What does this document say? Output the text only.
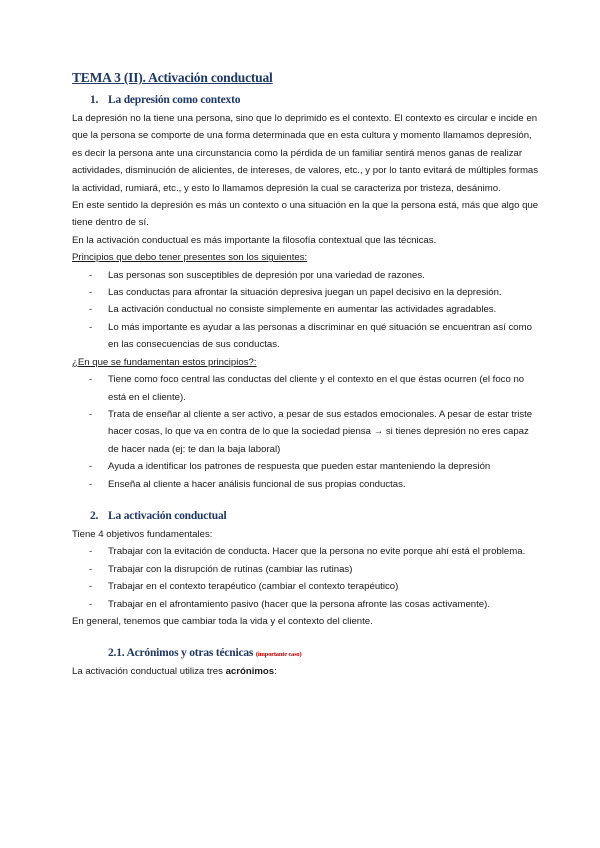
TEMA 3 (II). Activación conductual
1. La depresión como contexto

La depresión no la tiene una persona, sino que lo deprimido es el contexto. El contexto es circular e incide en que la persona se comporte de una forma determinada que en esta cultura y momento llamamos depresión, es decir la persona ante una circunstancia como la pérdida de un familiar sentirá menos ganas de realizar actividades, disminución de alicientes, de intereses, de valores, etc., y por lo tanto evitará de múltiples formas la actividad, rumiará, etc., y esto lo llamamos depresión la cual se caracteriza por tristeza, desánimo.

En este sentido la depresión es más un contexto o una situación en la que la persona está, más que algo que tiene dentro de sí.

En la activación conductual es más importante la filosofía contextual que las técnicas.

Principios que debo tener presentes son los siguientes:

- Las personas son susceptibles de depresión por una variedad de razones.
- Las conductas para afrontar la situación depresiva juegan un papel decisivo en la depresión.
- La activación conductual no consiste simplemente en aumentar las actividades agradables.
- Lo más importante es ayudar a las personas a discriminar en qué situación se encuentran así como en las consecuencias de sus conductas.

¿En que se fundamentan estos principios?:

- Tiene como foco central las conductas del cliente y el contexto en el que éstas ocurren (el foco no está en el cliente).
- Trata de enseñar al cliente a ser activo, a pesar de sus estados emocionales. A pesar de estar triste hacer cosas, lo que va en contra de lo que la sociedad piensa → si tienes depresión no eres capaz de hacer nada (ej: te dan la baja laboral)
- Ayuda a identificar los patrones de respuesta que pueden estar manteniendo la depresión
- Enseña al cliente a hacer análisis funcional de sus propias conductas.
2. La activación conductual

Tiene 4 objetivos fundamentales:

- Trabajar con la evitación de conducta. Hacer que la persona no evite porque ahí está el problema.
- Trabajar con la disrupción de rutinas (cambiar las rutinas)
- Trabajar en el contexto terapéutico (cambiar el contexto terapéutico)
- Trabajar en el afrontamiento pasivo (hacer que la persona afronte las cosas activamente).

En general, tenemos que cambiar toda la vida y el contexto del cliente.

2.1. Acrónimos y otras técnicas (importante caso)

La activación conductual utiliza tres acrónimos:
